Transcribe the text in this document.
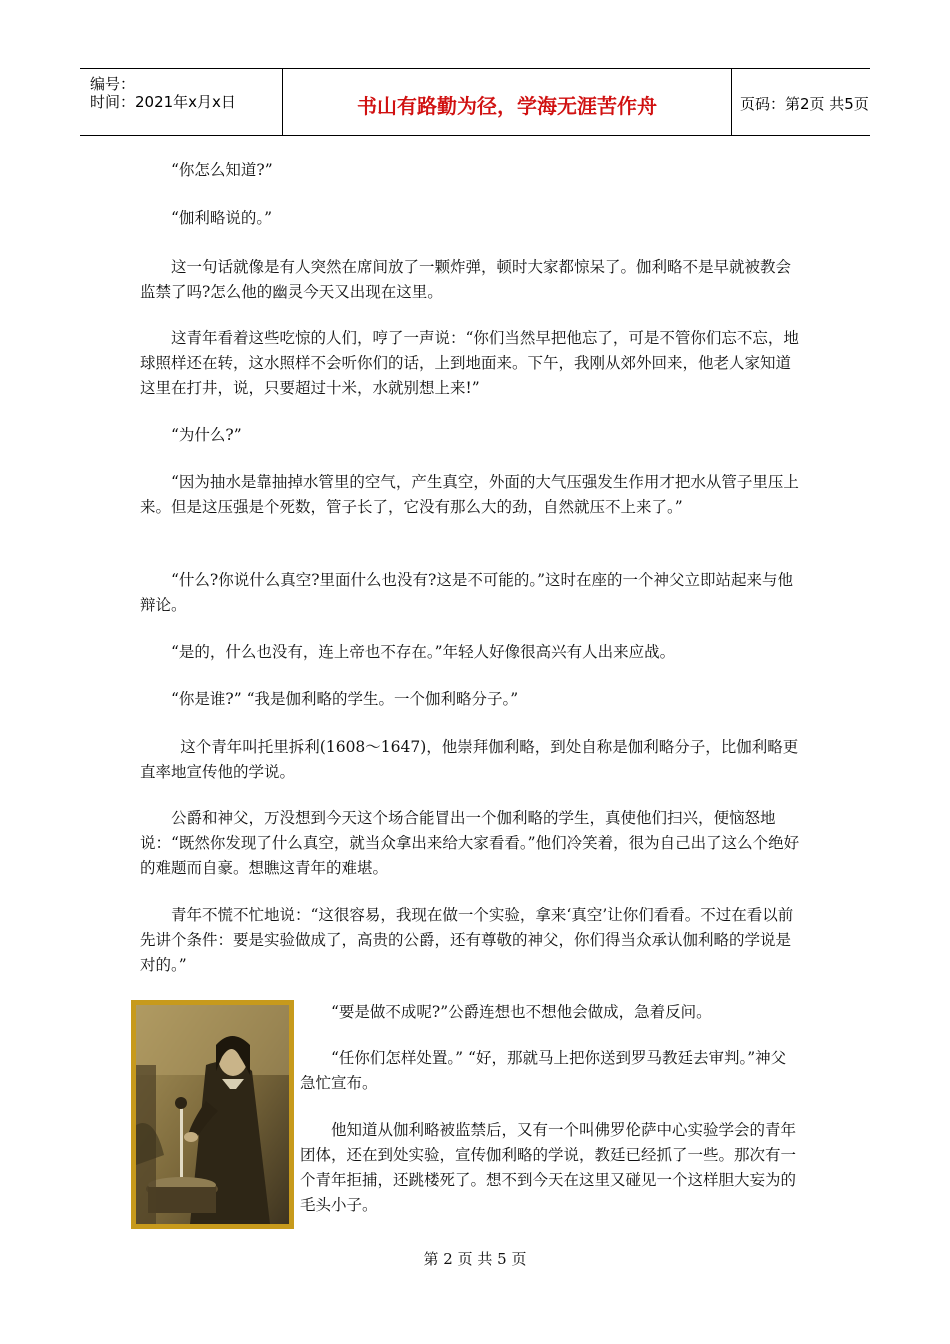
编号：
时间：2021年x月x日	书山有路勤为径，学海无涯苦作舟	页码：第2页 共5页

“你怎么知道?”

“伽利略说的。”

这一句话就像是有人突然在席间放了一颗炸弹，顿时大家都惊呆了。伽利略不是早就被教会监禁了吗?怎么他的幽灵今天又出现在这里。

这青年看着这些吃惊的人们，哼了一声说：“你们当然早把他忘了，可是不管你们忘不忘，地球照样还在转，这水照样不会听你们的话，上到地面来。下午，我刚从郊外回来，他老人家知道这里在打井，说，只要超过十米，水就别想上来!”

“为什么?”

“因为抽水是靠抽掉水管里的空气，产生真空，外面的大气压强发生作用才把水从管子里压上来。但是这压强是个死数，管子长了，它没有那么大的劲，自然就压不上来了。”

“什么?你说什么真空?里面什么也没有?这是不可能的。”这时在座的一个神父立即站起来与他辩论。

“是的，什么也没有，连上帝也不存在。”年轻人好像很高兴有人出来应战。

“你是谁?” “我是伽利略的学生。一个伽利略分子。”

这个青年叫托里拆利(1608～1647)，他崇拜伽利略，到处自称是伽利略分子，比伽利略更直率地宣传他的学说。

公爵和神父，万没想到今天这个场合能冒出一个伽利略的学生，真使他们扫兴，便恼怒地说：“既然你发现了什么真空，就当众拿出来给大家看看。”他们冷笑着，很为自己出了这么个绝好的难题而自豪。想瞧这青年的难堪。

青年不慌不忙地说：“这很容易，我现在做一个实验，拿来‘真空’让你们看看。不过在看以前先讲个条件：要是实验做成了，高贵的公爵，还有尊敬的神父，你们得当众承认伽利略的学说是对的。”

“要是做不成呢?”公爵连想也不想他会做成，急着反问。

“任你们怎样处置。” “好，那就马上把你送到罗马教廷去审判。”神父急忙宣布。

他知道从伽利略被监禁后，又有一个叫佛罗伦萨中心实验学会的青年团体，还在到处实验，宣传伽利略的学说，教廷已经抓了一些。那次有一个青年拒捕，还跳楼死了。想不到今天在这里又碰见一个这样胆大妄为的毛头小子。

第 2 页 共 5 页
